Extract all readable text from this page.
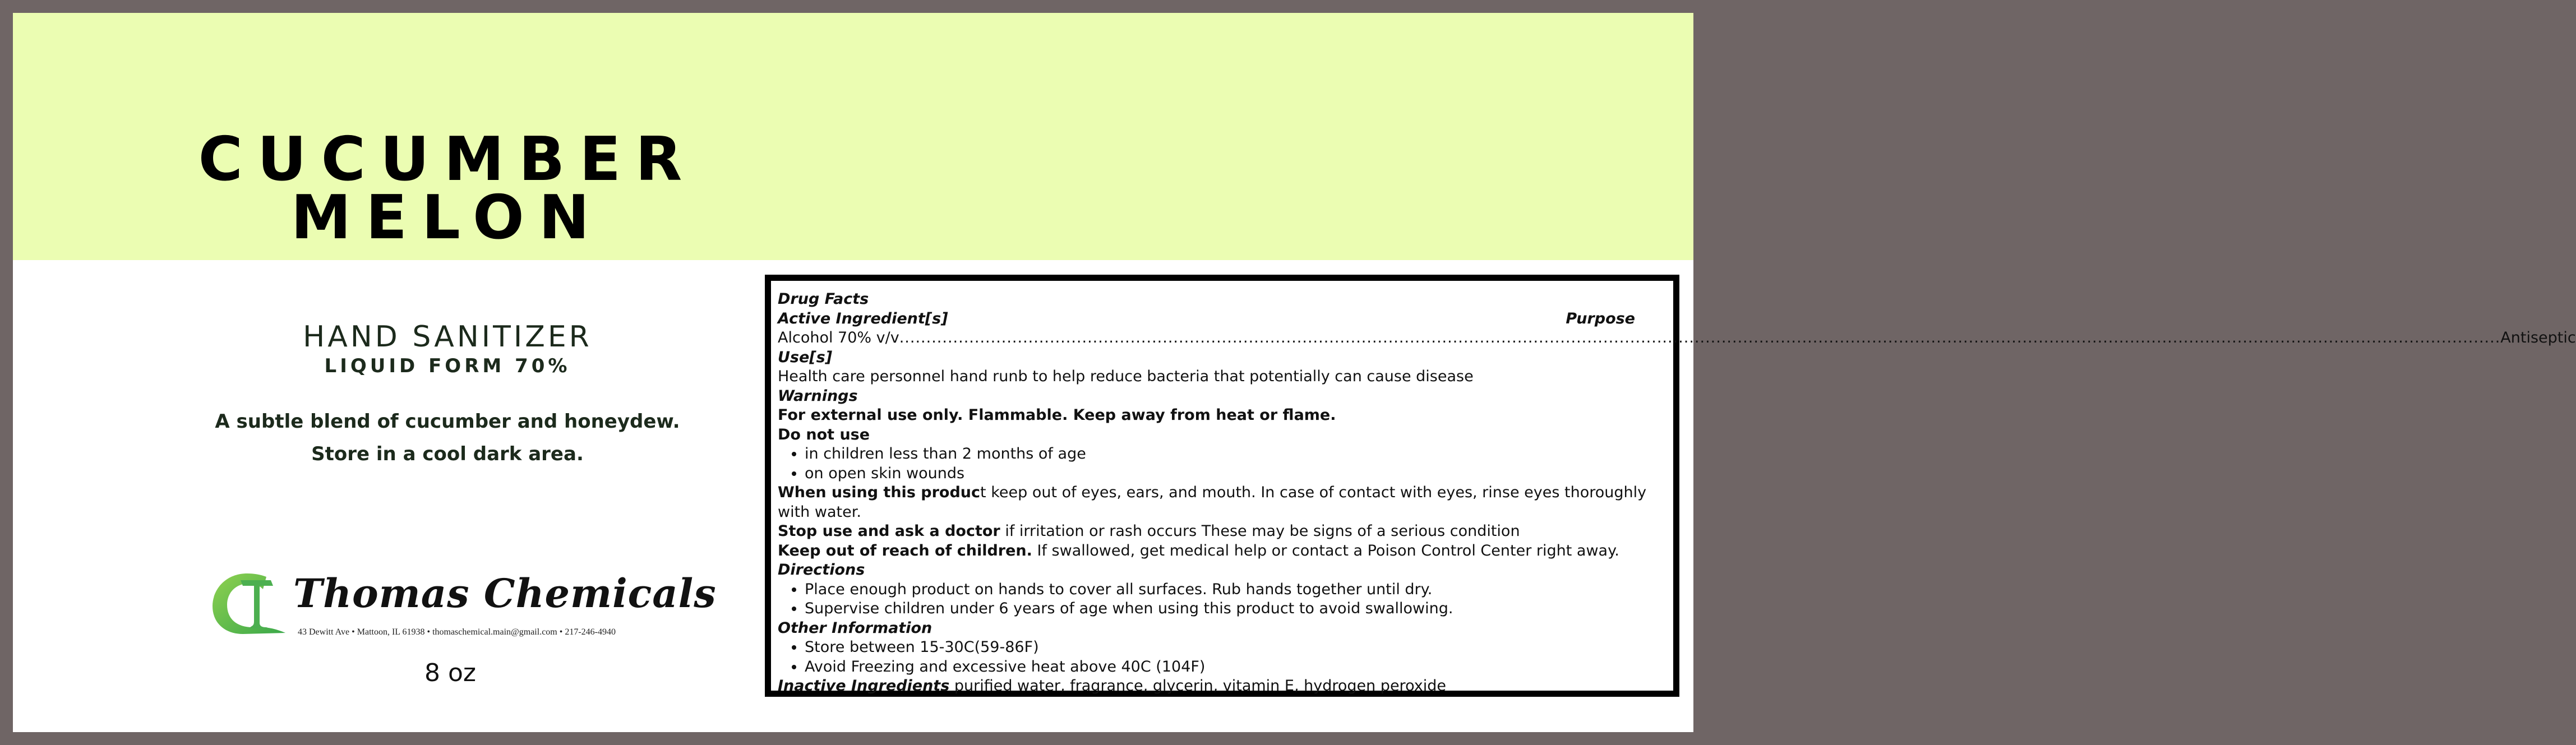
CUCUMBER
MELON
HAND SANITIZER
LIQUID FORM 70%
A subtle blend of cucumber and honeydew.
Store in a cool dark area.
Thomas Chemicals
43 Dewitt Ave • Mattoon, IL 61938 • thomaschemical.main@gmail.com • 217-246-4940
8 oz
Drug Facts
Active Ingredient[s]	Purpose
Alcohol 70% v/v .......................................................................................................................................................................................................................................................................................................... Antiseptic
Use[s]
Health care personnel hand runb to help reduce bacteria that potentially can cause disease
Warnings
For external use only. Flammable. Keep away from heat or flame.
Do not use
• in children less than 2 months of age
• on open skin wounds
When using this product keep out of eyes, ears, and mouth. In case of contact with eyes, rinse eyes thoroughly with water.
Stop use and ask a doctor if irritation or rash occurs These may be signs of a serious condition
Keep out of reach of children. If swallowed, get medical help or contact a Poison Control Center right away.
Directions
• Place enough product on hands to cover all surfaces. Rub hands together until dry.
• Supervise children under 6 years of age when using this product to avoid swallowing.
Other Information
• Store between 15-30C(59-86F)
• Avoid Freezing and excessive heat above 40C (104F)
Inactive Ingredients purified water, fragrance, glycerin, vitamin E, hydrogen peroxide
